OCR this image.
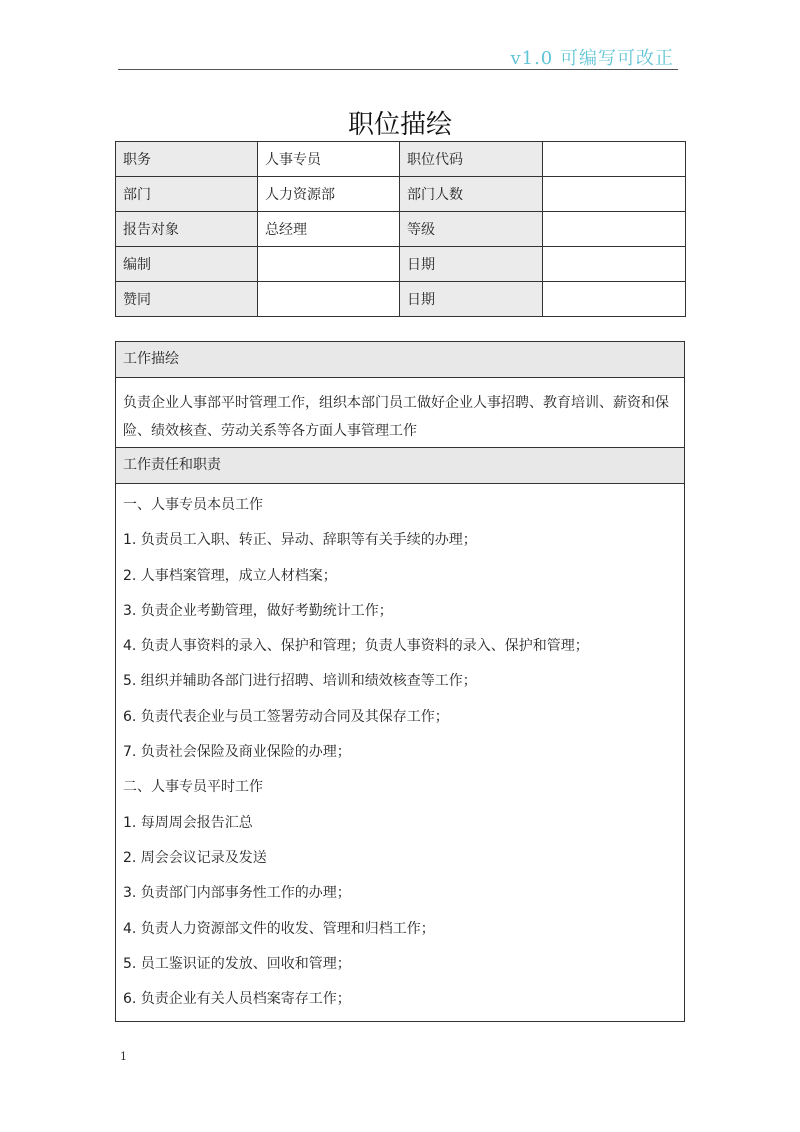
v1.0 可编写可改正
职位描绘
职务	人事专员	职位代码	
部门	人力资源部	部门人数	
报告对象	总经理	等级	
编制		日期	
赞同		日期	
工作描绘
负责企业人事部平时管理工作，组织本部门员工做好企业人事招聘、教育培训、薪资和保险、绩效核查、劳动关系等各方面人事管理工作
工作责任和职责
一、人事专员本员工作
1. 负责员工入职、转正、异动、辞职等有关手续的办理；
2. 人事档案管理，成立人材档案；
3. 负责企业考勤管理，做好考勤统计工作；
4. 负责人事资料的录入、保护和管理；负责人事资料的录入、保护和管理；
5. 组织并辅助各部门进行招聘、培训和绩效核查等工作；
6. 负责代表企业与员工签署劳动合同及其保存工作；
7. 负责社会保险及商业保险的办理；
二、人事专员平时工作
1. 每周周会报告汇总
2. 周会会议记录及发送
3. 负责部门内部事务性工作的办理；
4. 负责人力资源部文件的收发、管理和归档工作；
5. 员工鉴识证的发放、回收和管理；
6. 负责企业有关人员档案寄存工作；
1
